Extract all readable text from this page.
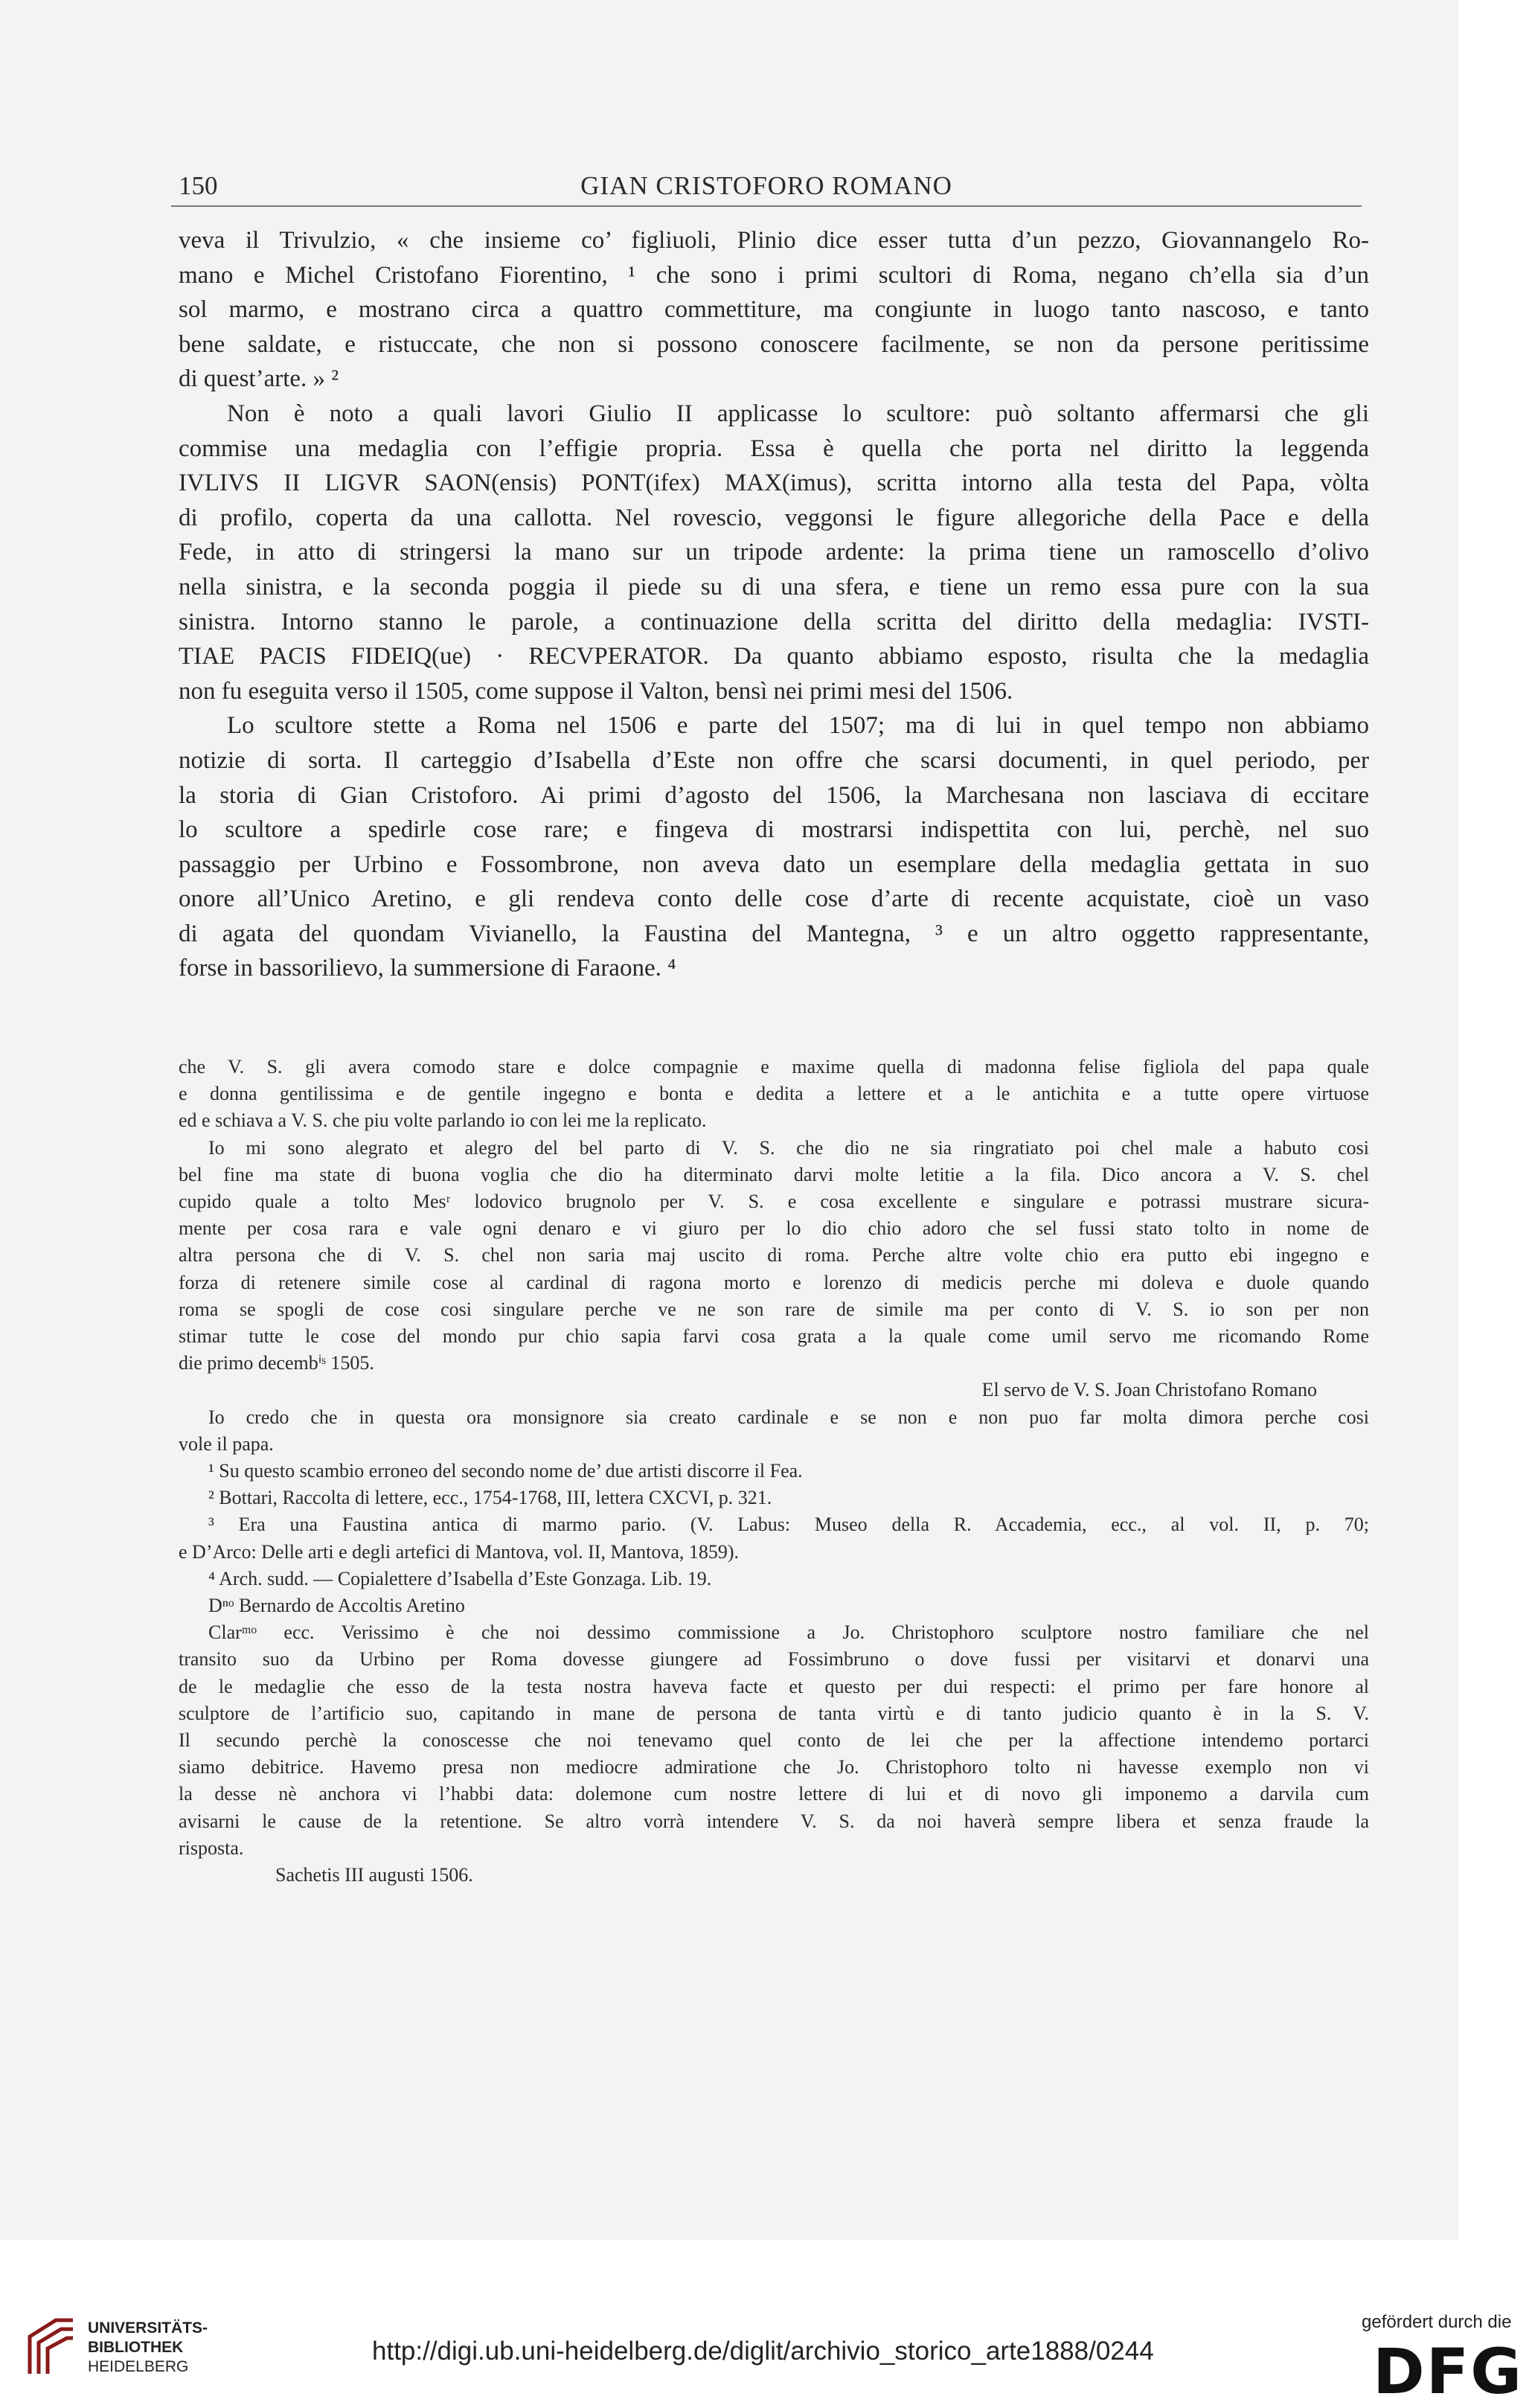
150	GIAN CRISTOFORO ROMANO

veva il Trivulzio, « che insieme co’ figliuoli, Plinio dice esser tutta d’un pezzo, Giovannangelo Ro-

mano e Michel Cristofano Fiorentino, ¹ che sono i primi scultori di Roma, negano ch’ella sia d’un

sol marmo, e mostrano circa a quattro commettiture, ma congiunte in luogo tanto nascoso, e tanto

bene saldate, e ristuccate, che non si possono conoscere facilmente, se non da persone peritissime

di quest’arte. » ²

Non è noto a quali lavori Giulio II applicasse lo scultore: può soltanto affermarsi che gli

commise una medaglia con l’effigie propria. Essa è quella che porta nel diritto la leggenda

IVLIVS II LIGVR SAON(ensis) PONT(ifex) MAX(imus), scritta intorno alla testa del Papa, vòlta

di profilo, coperta da una callotta. Nel rovescio, veggonsi le figure allegoriche della Pace e della

Fede, in atto di stringersi la mano sur un tripode ardente: la prima tiene un ramoscello d’olivo

nella sinistra, e la seconda poggia il piede su di una sfera, e tiene un remo essa pure con la sua

sinistra. Intorno stanno le parole, a continuazione della scritta del diritto della medaglia: IVSTI-

TIAE PACIS FIDEIQ(ue) · RECVPERATOR. Da quanto abbiamo esposto, risulta che la medaglia

non fu eseguita verso il 1505, come suppose il Valton, bensì nei primi mesi del 1506.

Lo scultore stette a Roma nel 1506 e parte del 1507; ma di lui in quel tempo non abbiamo

notizie di sorta. Il carteggio d’Isabella d’Este non offre che scarsi documenti, in quel periodo, per

la storia di Gian Cristoforo. Ai primi d’agosto del 1506, la Marchesana non lasciava di eccitare

lo scultore a spedirle cose rare; e fingeva di mostrarsi indispettita con lui, perchè, nel suo

passaggio per Urbino e Fossombrone, non aveva dato un esemplare della medaglia gettata in suo

onore all’Unico Aretino, e gli rendeva conto delle cose d’arte di recente acquistate, cioè un vaso

di agata del quondam Vivianello, la Faustina del Mantegna, ³ e un altro oggetto rappresentante,

forse in bassorilievo, la summersione di Faraone. ⁴

che V. S. gli avera comodo stare e dolce compagnie e maxime quella di madonna felise figliola del papa quale

e donna gentilissima e de gentile ingegno e bonta e dedita a lettere et a le antichita e a tutte opere virtuose

ed e schiava a V. S. che piu volte parlando io con lei me la replicato.

Io mi sono alegrato et alegro del bel parto di V. S. che dio ne sia ringratiato poi chel male a habuto cosi

bel fine ma state di buona voglia che dio ha diterminato darvi molte letitie a la fila. Dico ancora a V. S. chel

cupido quale a tolto Mesʳ lodovico brugnolo per V. S. e cosa excellente e singulare e potrassi mustrare sicura-

mente per cosa rara e vale ogni denaro e vi giuro per lo dio chio adoro che sel fussi stato tolto in nome de

altra persona che di V. S. chel non saria maj uscito di roma. Perche altre volte chio era putto ebi ingegno e

forza di retenere simile cose al cardinal di ragona morto e lorenzo di medicis perche mi doleva e duole quando

roma se spogli de cose cosi singulare perche ve ne son rare de simile ma per conto di V. S. io son per non

stimar tutte le cose del mondo pur chio sapia farvi cosa grata a la quale come umil servo me ricomando Rome

die primo decembⁱˢ 1505.

El servo de V. S. Joan Christofano Romano

Io credo che in questa ora monsignore sia creato cardinale e se non e non puo far molta dimora perche cosi

vole il papa.

¹ Su questo scambio erroneo del secondo nome de’ due artisti discorre il Fea.

² Bottari, Raccolta di lettere, ecc., 1754-1768, III, lettera CXCVI, p. 321.

³ Era una Faustina antica di marmo pario. (V. Labus: Museo della R. Accademia, ecc., al vol. II, p. 70;

e D’Arco: Delle arti e degli artefici di Mantova, vol. II, Mantova, 1859).

⁴ Arch. sudd. — Copialettere d’Isabella d’Este Gonzaga. Lib. 19.

Dⁿᵒ Bernardo de Accoltis Aretino

Clarᵐᵒ ecc. Verissimo è che noi dessimo commissione a Jo. Christophoro sculptore nostro familiare che nel

transito suo da Urbino per Roma dovesse giungere ad Fossimbruno o dove fussi per visitarvi et donarvi una

de le medaglie che esso de la testa nostra haveva facte et questo per dui respecti: el primo per fare honore al

sculptore de l’artificio suo, capitando in mane de persona de tanta virtù e di tanto judicio quanto è in la S. V.

Il secundo perchè la conoscesse che noi tenevamo quel conto de lei che per la affectione intendemo portarci

siamo debitrice. Havemo presa non mediocre admiratione che Jo. Christophoro tolto ni havesse exemplo non vi

la desse nè anchora vi l’habbi data: dolemone cum nostre lettere di lui et di novo gli imponemo a darvila cum

avisarni le cause de la retentione. Se altro vorrà intendere V. S. da noi haverà sempre libera et senza fraude la

risposta.

Sachetis III augusti 1506.

UNIVERSITÄTS-
BIBLIOTHEK
HEIDELBERG
http://digi.ub.uni-heidelberg.de/diglit/archivio_storico_arte1888/0244
gefördert durch die
DFG
